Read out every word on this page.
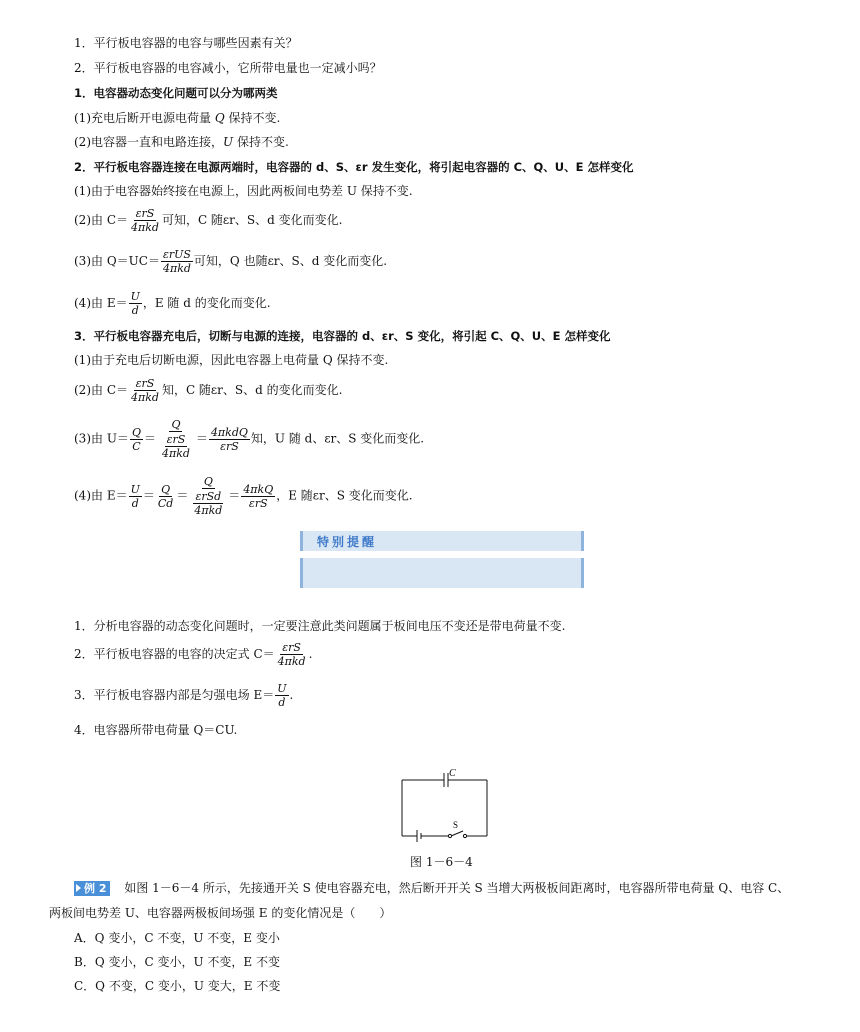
1．平行板电容器的电容与哪些因素有关？
2．平行板电容器的电容减小，它所带电量也一定减小吗？
1．电容器动态变化问题可以分为哪两类
(1)充电后断开电源电荷量 Q 保持不变.
(2)电容器一直和电路连接，U 保持不变.
2．平行板电容器连接在电源两端时，电容器的 d、S、εr 发生变化，将引起电容器的 C、Q、U、E 怎样变化
(1)由于电容器始终接在电源上，因此两板间电势差 U 保持不变.
(2)由 $C= \frac{\text{εrS}}{\text{4πkd}}$ 可知，C 随εr、S、d 变化而变化.
(3)由 $Q=UC= \frac{\text{εrUS}}{\text{4πkd}}$ 可知，Q 也随εr、S、d 变化而变化.
(4)由 $E= \frac{U}{d}$ ，E 随 d 的变化而变化.
3．平行板电容器充电后，切断与电源的连接，电容器的 d、εr、S 变化，将引起 C、Q、U、E 怎样变化
(1)由于充电后切断电源，因此电容器上电荷量 Q 保持不变.
(2)由 $C= \frac{\text{εrS}}{\text{4πkd}}$ 知，C 随εr、S、d 的变化而变化.
(3)由 $U= \frac{Q}{C} = \frac{Q}{\frac{\text{εrS}}{\text{4πkd}}} = \frac{\text{4πkdQ}}{\text{εrS}}$ 知，U 随 d、εr、S 变化而变化.
(4)由 $E= \frac{U}{d} = \frac{Q}{Cd} = \frac{Q}{\frac{\text{εrSd}}{\text{4πkd}}} = \frac{\text{4πkQ}}{\text{εrS}}$ ，E 随εr、S 变化而变化.
特别提醒
1．分析电容器的动态变化问题时，一定要注意此类问题属于板间电压不变还是带电荷量不变.
2．平行板电容器的电容的决定式 $C= \frac{\text{εrS}}{\text{4πkd}}$ .
3．平行板电容器内部是匀强电场 $E= \frac{U}{d}$ .
4．电容器所带电荷量 Q＝CU.
C
S
图 1－6－4
例 2 如图 1－6－4 所示，先接通开关 S 使电容器充电，然后断开开关 S 当增大两极板间距离时，电容器所带电荷量 Q、电容 C、
两板间电势差 U、电容器两极板间场强 E 的变化情况是（　　）
A．Q 变小，C 不变，U 不变，E 变小
B．Q 变小，C 变小，U 不变，E 不变
C．Q 不变，C 变小，U 变大，E 不变
